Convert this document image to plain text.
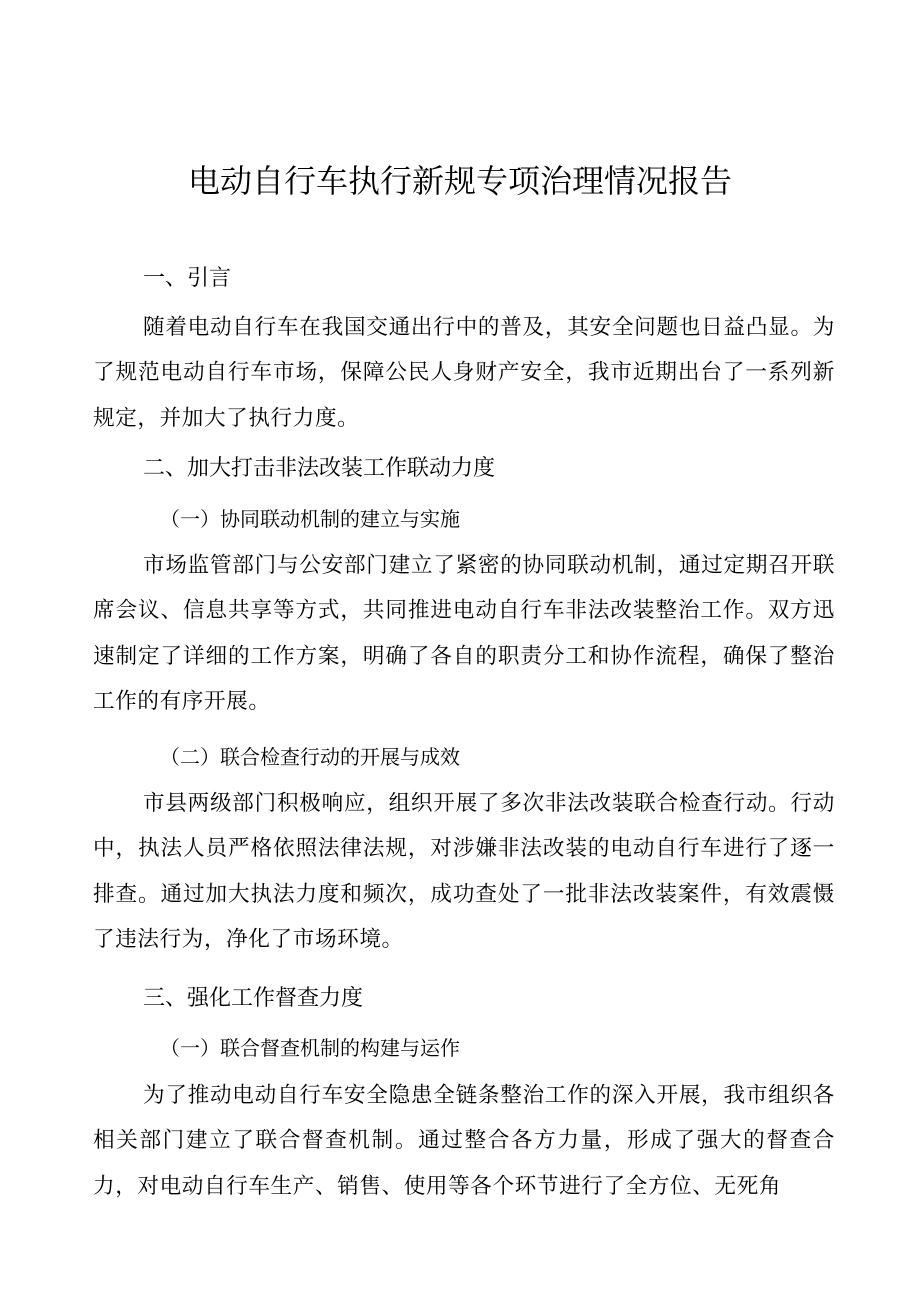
电动自行车执行新规专项治理情况报告
一、引言
随着电动自行车在我国交通出行中的普及，其安全问题也日益凸显。为了规范电动自行车市场，保障公民人身财产安全，我市近期出台了一系列新规定，并加大了执行力度。
二、加大打击非法改装工作联动力度
（一）协同联动机制的建立与实施
市场监管部门与公安部门建立了紧密的协同联动机制，通过定期召开联席会议、信息共享等方式，共同推进电动自行车非法改装整治工作。双方迅速制定了详细的工作方案，明确了各自的职责分工和协作流程，确保了整治工作的有序开展。
（二）联合检查行动的开展与成效
市县两级部门积极响应，组织开展了多次非法改装联合检查行动。行动中，执法人员严格依照法律法规，对涉嫌非法改装的电动自行车进行了逐一排查。通过加大执法力度和频次，成功查处了一批非法改装案件，有效震慑了违法行为，净化了市场环境。
三、强化工作督查力度
（一）联合督查机制的构建与运作
为了推动电动自行车安全隐患全链条整治工作的深入开展，我市组织各相关部门建立了联合督查机制。通过整合各方力量，形成了强大的督查合力，对电动自行车生产、销售、使用等各个环节进行了全方位、无死角
